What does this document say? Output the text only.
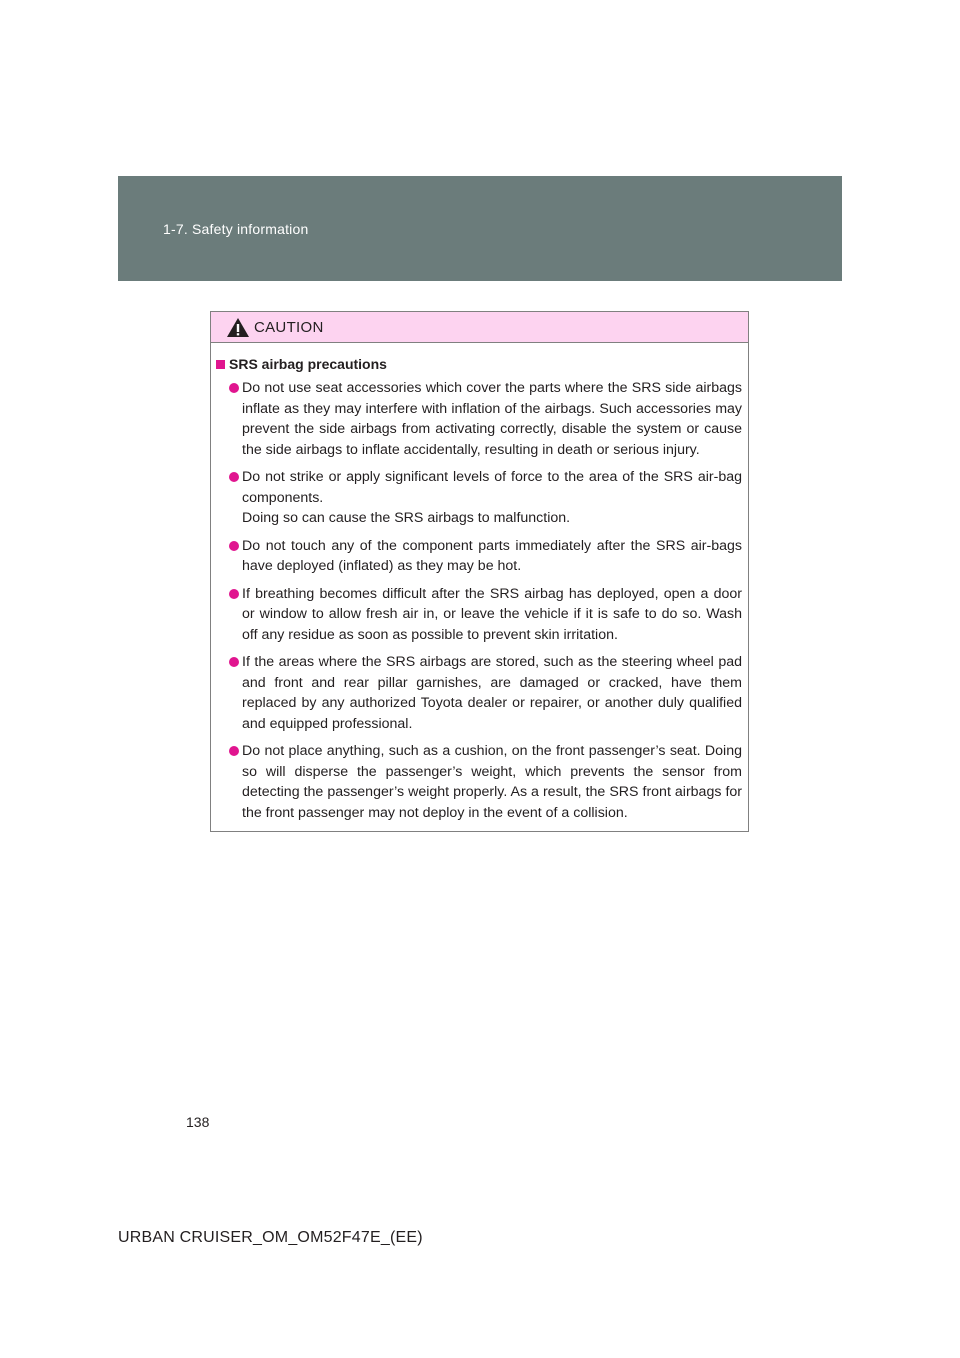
1-7. Safety information
CAUTION
SRS airbag precautions
Do not use seat accessories which cover the parts where the SRS side airbags inflate as they may interfere with inflation of the airbags. Such accessories may prevent the side airbags from activating correctly, disable the system or cause the side airbags to inflate accidentally, resulting in death or serious injury.
Do not strike or apply significant levels of force to the area of the SRS air-bag components.
Doing so can cause the SRS airbags to malfunction.
Do not touch any of the component parts immediately after the SRS air-bags have deployed (inflated) as they may be hot.
If breathing becomes difficult after the SRS airbag has deployed, open a door or window to allow fresh air in, or leave the vehicle if it is safe to do so. Wash off any residue as soon as possible to prevent skin irritation.
If the areas where the SRS airbags are stored, such as the steering wheel pad and front and rear pillar garnishes, are damaged or cracked, have them replaced by any authorized Toyota dealer or repairer, or another duly qualified and equipped professional.
Do not place anything, such as a cushion, on the front passenger’s seat. Doing so will disperse the passenger’s weight, which prevents the sensor from detecting the passenger’s weight properly. As a result, the SRS front airbags for the front passenger may not deploy in the event of a collision.
138
URBAN CRUISER_OM_OM52F47E_(EE)
